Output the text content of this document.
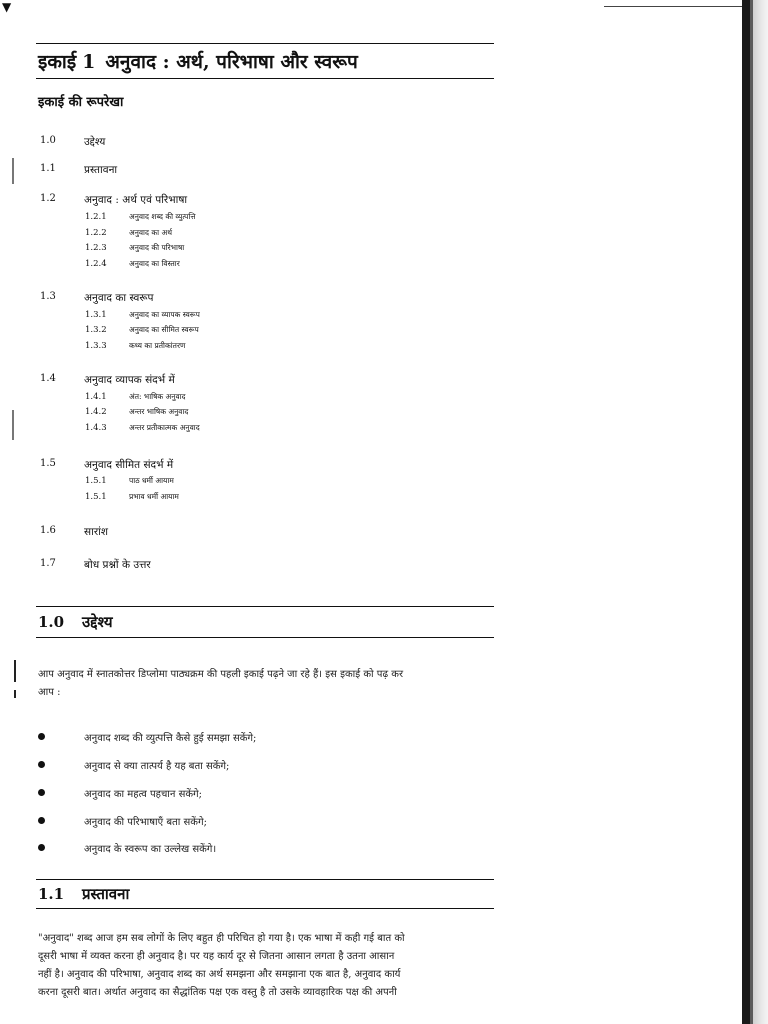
▼
इकाई 1 अनुवाद : अर्थ, परिभाषा और स्वरूप
इकाई की रूपरेखा
1.0	उद्देश्य
1.1	प्रस्तावना
1.2	अनुवाद : अर्थ एवं परिभाषा
1.2.1	अनुवाद शब्द की व्युत्पत्ति
1.2.2	अनुवाद का अर्थ
1.2.3	अनुवाद की परिभाषा
1.2.4	अनुवाद का विस्तार
1.3	अनुवाद का स्वरूप
1.3.1	अनुवाद का व्यापक स्वरूप
1.3.2	अनुवाद का सीमित स्वरूप
1.3.3	कथ्य का प्रतीकांतरण
1.4	अनुवाद व्यापक संदर्भ में
1.4.1	अंत: भाषिक अनुवाद
1.4.2	अन्तर भाषिक अनुवाद
1.4.3	अन्तर प्रतीकात्मक अनुवाद
1.5	अनुवाद सीमित संदर्भ में
1.5.1	पाठ धर्मी आयाम
1.5.1	प्रभाव धर्मी आयाम
1.6	सारांश
1.7	बोध प्रश्नों के उत्तर
1.0 उद्देश्य
आप अनुवाद में स्नातकोत्तर डिप्लोमा पाठ्यक्रम की पहली इकाई पढ़ने जा रहे हैं। इस इकाई को पढ़ कर
आप :
अनुवाद शब्द की व्युत्पत्ति कैसे हुई समझा सकेंगे;
अनुवाद से क्या तात्पर्य है यह बता सकेंगे;
अनुवाद का महत्व पहचान सकेंगे;
अनुवाद की परिभाषाएँ बता सकेंगे;
अनुवाद के स्वरूप का उल्लेख सकेंगे।
1.1 प्रस्तावना
"अनुवाद" शब्द आज हम सब लोगों के लिए बहुत ही परिचित हो गया है। एक भाषा में कही गई बात को
दूसरी भाषा में व्यक्त करना ही अनुवाद है। पर यह कार्य दूर से जितना आसान लगता है उतना आसान
नहीं है। अनुवाद की परिभाषा, अनुवाद शब्द का अर्थ समझना और समझाना एक बात है, अनुवाद कार्य
करना दूसरी बात। अर्थात अनुवाद का सैद्धांतिक पक्ष एक वस्तु है तो उसके व्यावहारिक पक्ष की अपनी
